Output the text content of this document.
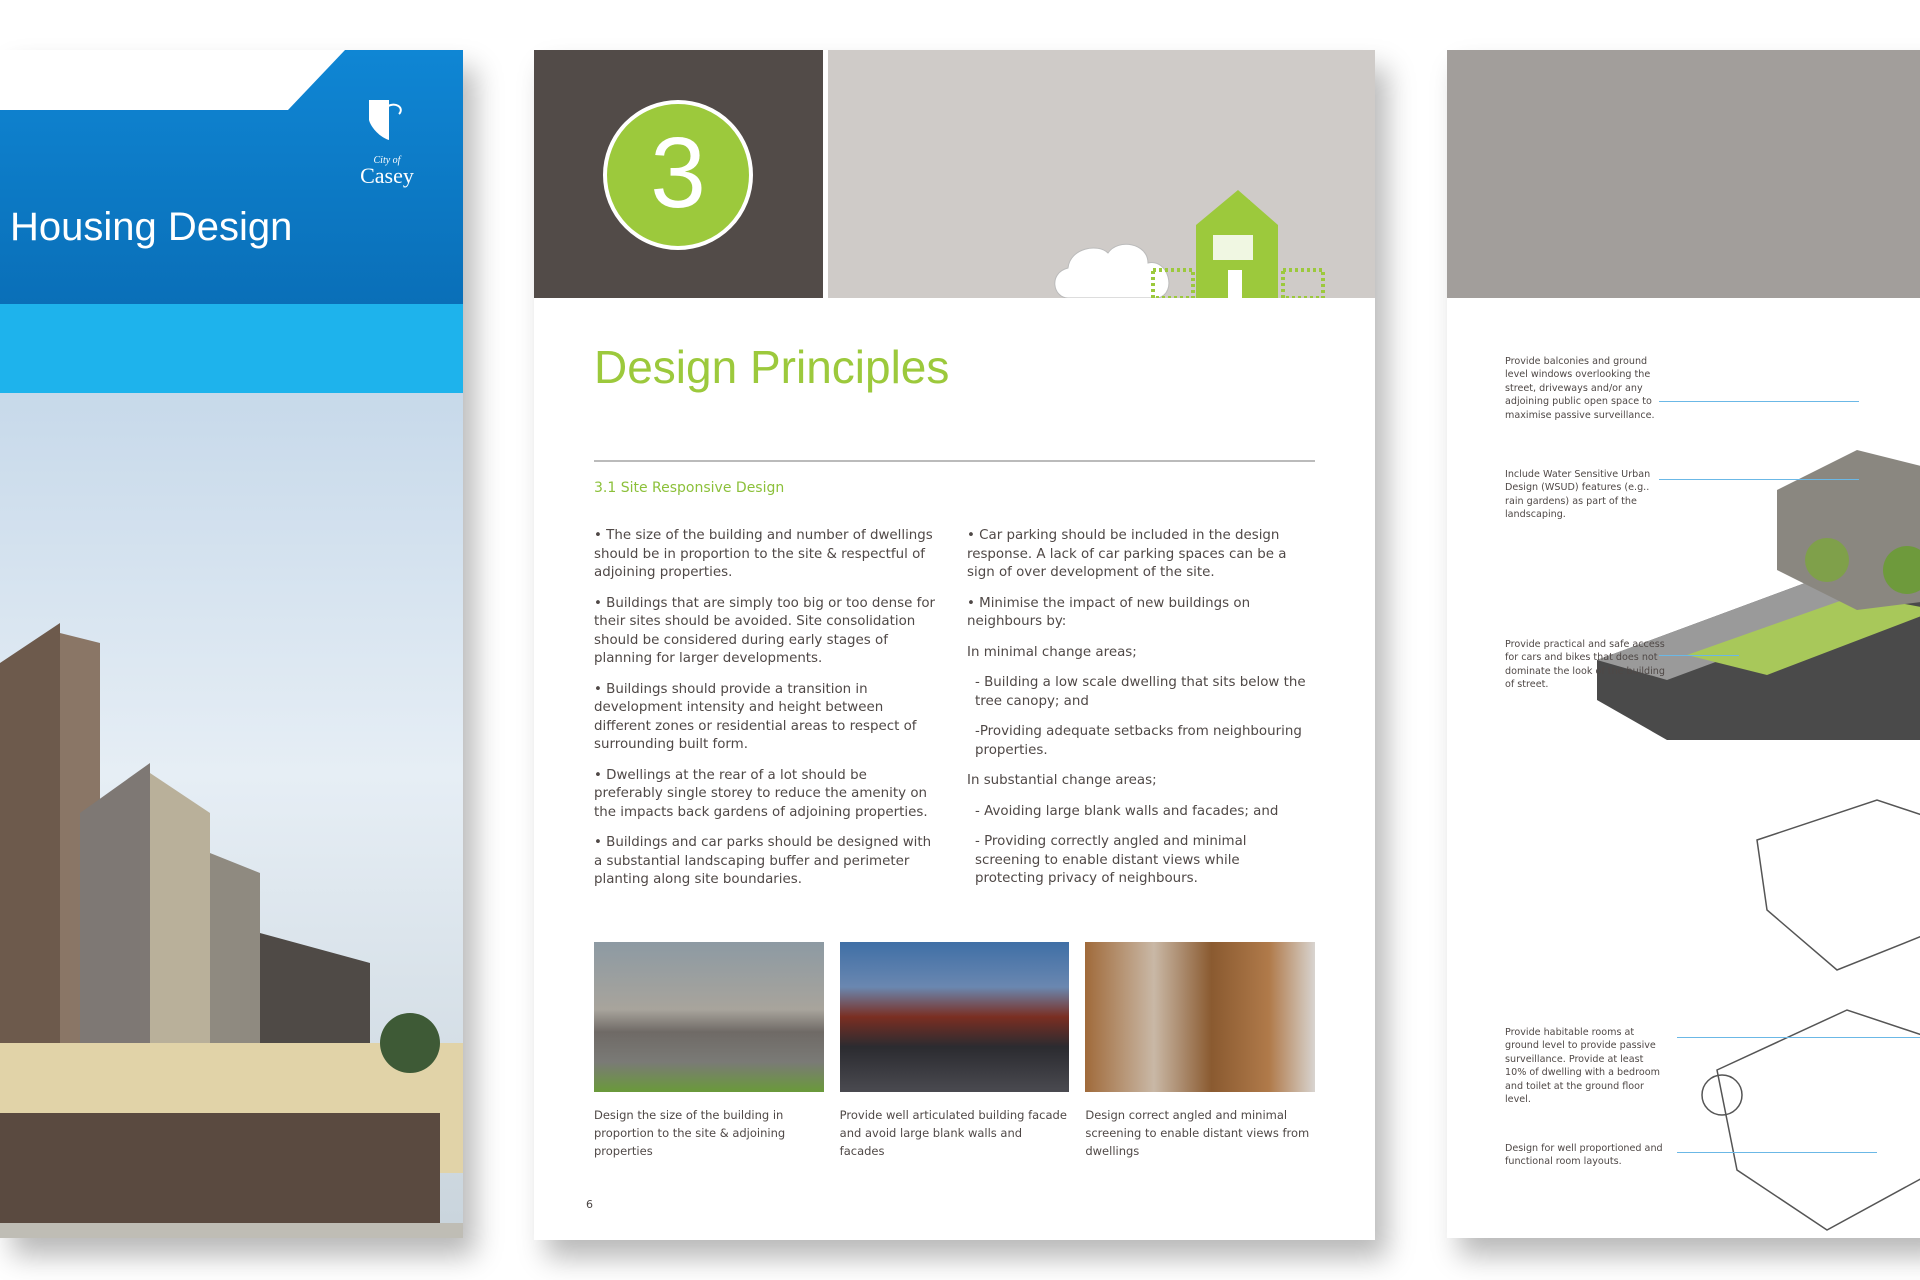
Housing Design
City of
Casey	3
Design Principles
3.1 Site Responsive Design

• The size of the building and number of dwellings should be in proportion to the site & respectful of adjoining properties.

• Buildings that are simply too big or too dense for their sites should be avoided. Site consolidation should be considered during early stages of planning for larger developments.

• Buildings should provide a transition in development intensity and height between different zones or residential areas to respect of surrounding built form.

• Dwellings at the rear of a lot should be preferably single storey to reduce the amenity on the impacts back gardens of adjoining properties.

• Buildings and car parks should be designed with a substantial landscaping buffer and perimeter planting along site boundaries.

• Car parking should be included in the design response. A lack of car parking spaces can be a sign of over development of the site.

• Minimise the impact of new buildings on neighbours by:

In minimal change areas;

- Building a low scale dwelling that sits below the tree canopy; and

-Providing adequate setbacks from neighbouring properties.

In substantial change areas;

- Avoiding large blank walls and facades; and

- Providing correctly angled and minimal screening to enable distant views while protecting privacy of neighbours.

Design the size of the building in proportion to the site & adjoining properties
Provide well articulated building facade and avoid large blank walls and facades
Design correct angled and minimal screening to enable distant views from dwellings
6
Provide balconies and ground level windows overlooking the street, driveways and/or any adjoining public open space to maximise passive surveillance.
Include Water Sensitive Urban Design (WSUD) features (e.g.. rain gardens) as part of the landscaping.
Provide practical and safe access for cars and bikes that does not dominate the look of the building of street.
Provide habitable rooms at ground level to provide passive surveillance. Provide at least 10% of dwelling with a bedroom and toilet at the ground floor level.
Design for well proportioned and functional room layouts.
